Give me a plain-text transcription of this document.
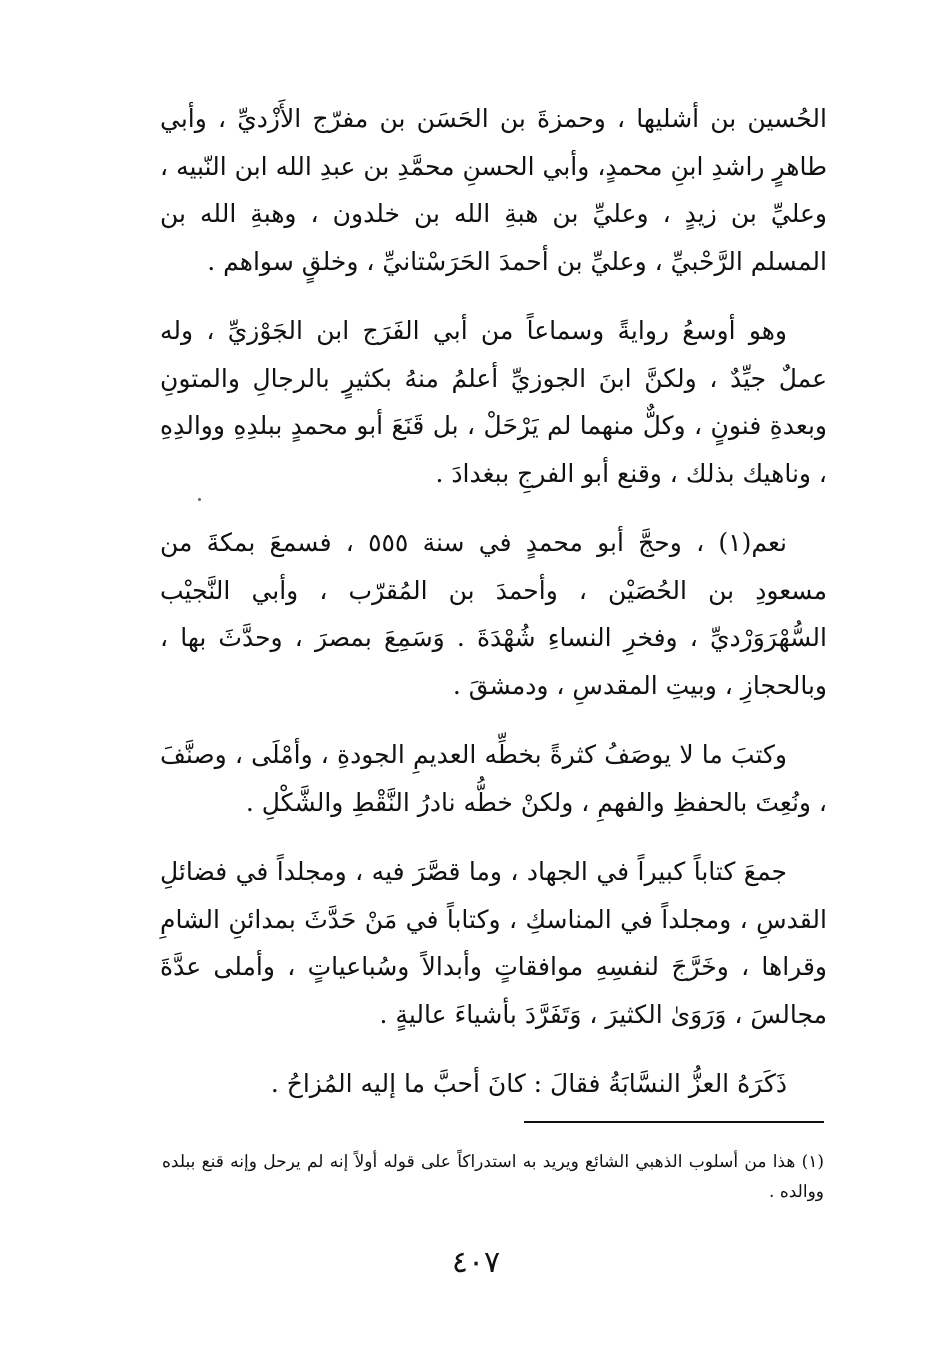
الحُسين بن أشليها ، وحمزةَ بن الحَسَن بن مفرّج الأَزْديِّ ، وأبي طاهرٍ راشدِ ابنِ محمدٍ، وأبي الحسنِ محمَّدِ بن عبدِ الله ابن النّبيه ، وعليِّ بن زيدٍ ، وعليِّ بن هبةِ الله بن خلدون ، وهبةِ الله بن المسلم الرَّحْبيِّ ، وعليِّ بن أحمدَ الحَرَسْتانيِّ ، وخلقٍ سواهم .

وهو أوسعُ روايةً وسماعاً من أبي الفَرَج ابن الجَوْزيِّ ، وله عملٌ جيِّدٌ ، ولكنَّ ابنَ الجوزيِّ أعلمُ منهُ بكثيرٍ بالرجالِ والمتونِ وبعدةِ فنونٍ ، وكلٌّ منهما لم يَرْحَلْ ، بل قَنَعَ أبو محمدٍ ببلدِهِ ووالدِهِ ، وناهيك بذلك ، وقنع أبو الفرجِ ببغدادَ .

نعم(١) ، وحجَّ أبو محمدٍ في سنة ٥٥٥ ، فسمعَ بمكةَ من مسعودِ بن الحُصَيْن ، وأحمدَ بن المُقرّب ، وأبي النَّجيْب السُّهْرَوَرْديِّ ، وفخرِ النساءِ شُهْدَةَ . وَسَمِعَ بمصرَ ، وحدَّثَ بها ، وبالحجازِ ، وبيتِ المقدسِ ، ودمشقَ .

وكتبَ ما لا يوصَفُ كثرةً بخطِّه العديمِ الجودةِ ، وأمْلَى ، وصنَّفَ ، ونُعِتَ بالحفظِ والفهمِ ، ولكنْ خطُّه نادرُ النَّقْطِ والشَّكْلِ .

جمعَ كتاباً كبيراً في الجهاد ، وما قصَّرَ فيه ، ومجلداً في فضائلِ القدسِ ، ومجلداً في المناسكِ ، وكتاباً في مَنْ حَدَّثَ بمدائنِ الشامِ وقراها ، وخَرَّجَ لنفسِهِ موافقاتٍ وأبدالاً وسُباعياتٍ ، وأملى عدَّةَ مجالسَ ، وَرَوَىٰ الكثيرَ ، وَتَفَرَّدَ بأشياءَ عاليةٍ .

ذَكَرَهُ العزُّ النسَّابَةُ فقالَ : كانَ أحبَّ ما إليه المُزاحُ .

(١) هذا من أسلوب الذهبي الشائع ويريد به استدراكاً على قوله أولاً إنه لم يرحل وإنه قنع ببلده ووالده .
٤٠٧
